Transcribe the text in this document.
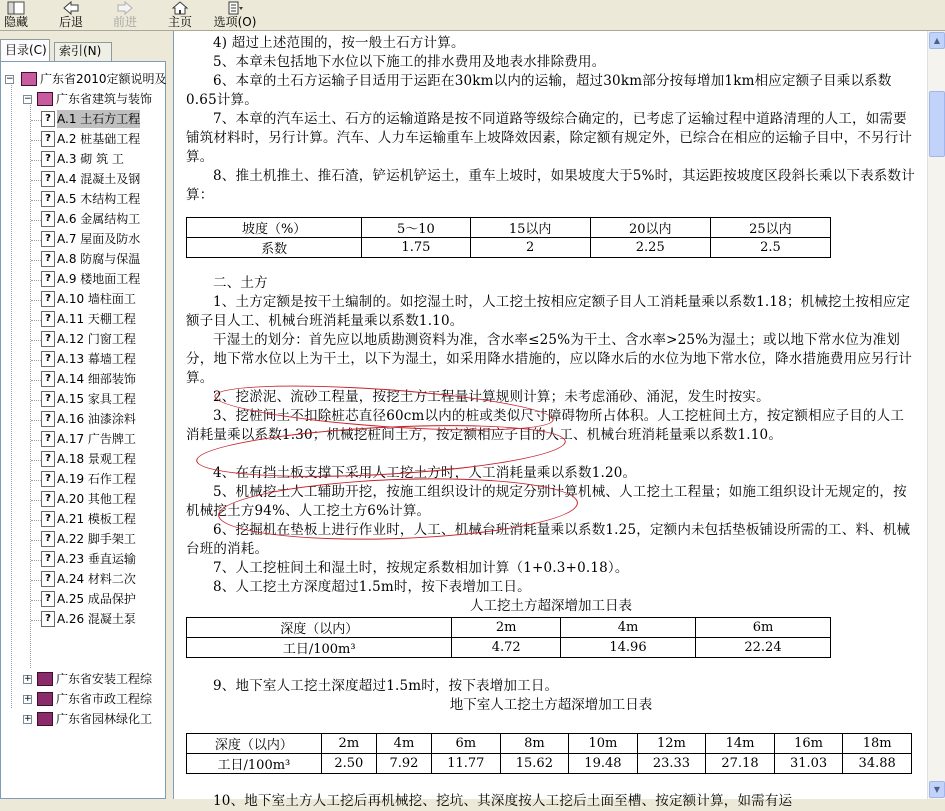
隐藏	后退 前进	主页 选项(O)
目录(C)	索引(N)
−	广东省2010定额说明及
−	广东省建筑与装饰
? A.1 土石方工程
? A.2 桩基础工程
? A.3 砌 筑 工
? A.4 混凝土及钢
? A.5 木结构工程
? A.6 金属结构工
? A.7 屋面及防水
? A.8 防腐与保温
? A.9 楼地面工程
? A.10 墙柱面工
? A.11 天棚工程
? A.12 门窗工程
? A.13 幕墙工程
? A.14 细部装饰
? A.15 家具工程
? A.16 油漆涂料
? A.17 广告牌工
? A.18 景观工程
? A.19 石作工程
? A.20 其他工程
? A.21 模板工程
? A.22 脚手架工
? A.23 垂直运输
? A.24 材料二次
? A.25 成品保护
? A.26 混凝土泵
+	广东省安装工程综
+	广东省市政工程综
+	广东省园林绿化工
4) 超过上述范围的，按一般土石方计算。
5、本章未包括地下水位以下施工的排水费用及地表水排除费用。
6、本章的土石方运输子目适用于运距在30km以内的运输，超过30km部分按每增加1km相应定额子目乘以系数0.65计算。
7、本章的汽车运土、石方的运输道路是按不同道路等级综合确定的，已考虑了运输过程中道路清理的人工，如需要铺筑材料时，另行计算。汽车、人力车运输重车上坡降效因素，除定额有规定外，已综合在相应的运输子目中，不另行计算。
8、推土机推土、推石渣，铲运机铲运土，重车上坡时，如果坡度大于5%时，其运距按坡度区段斜长乘以下表系数计算：
坡度（%）	5～10	15以内	20以内	25以内
系数	1.75	2	2.25	2.5
二、土方
1、土方定额是按干土编制的。如挖湿土时，人工挖土按相应定额子目人工消耗量乘以系数1.18；机械挖土按相应定额子目人工、机械台班消耗量乘以系数1.10。
干湿土的划分：首先应以地质勘测资料为准，含水率≤25%为干土、含水率>25%为湿土；或以地下常水位为准划分，地下常水位以上为干土，以下为湿土，如采用降水措施的，应以降水后的水位为地下常水位，降水措施费用应另行计算。
2、挖淤泥、流砂工程量，按挖土方工程量计算规则计算；未考虑涌砂、涌泥，发生时按实。
3、挖桩间土不扣除桩芯直径60cm以内的桩或类似尺寸障碍物所占体积。人工挖桩间土方，按定额相应子目的人工消耗量乘以系数1.30；机械挖桩间土方，按定额相应子目的人工、机械台班消耗量乘以系数1.10。
4、在有挡土板支撑下采用人工挖土方时，人工消耗量乘以系数1.20。
5、机械挖土人工辅助开挖，按施工组织设计的规定分别计算机械、人工挖土工程量；如施工组织设计无规定的，按机械挖土方94%、人工挖土方6%计算。
6、挖掘机在垫板上进行作业时，人工、机械台班消耗量乘以系数1.25，定额内未包括垫板铺设所需的工、料、机械台班的消耗。
7、人工挖桩间土和湿土时，按规定系数相加计算（1+0.3+0.18）。
8、人工挖土方深度超过1.5m时，按下表增加工日。
人工挖土方超深增加工日表
深度（以内）	2m	4m	6m
工日/100m³	4.72	14.96	22.24
9、地下室人工挖土深度超过1.5m时，按下表增加工日。
地下室人工挖土方超深增加工日表
深度（以内）	2m	4m	6m	8m	10m	12m	14m	16m	18m
工日/100m³	2.50	7.92	11.77	15.62	19.48	23.33	27.18	31.03	34.88
10、地下室土方人工挖后再机械挖、挖坑、其深度按人工挖后土面至槽、按定额计算，如需有运
▲
▼
